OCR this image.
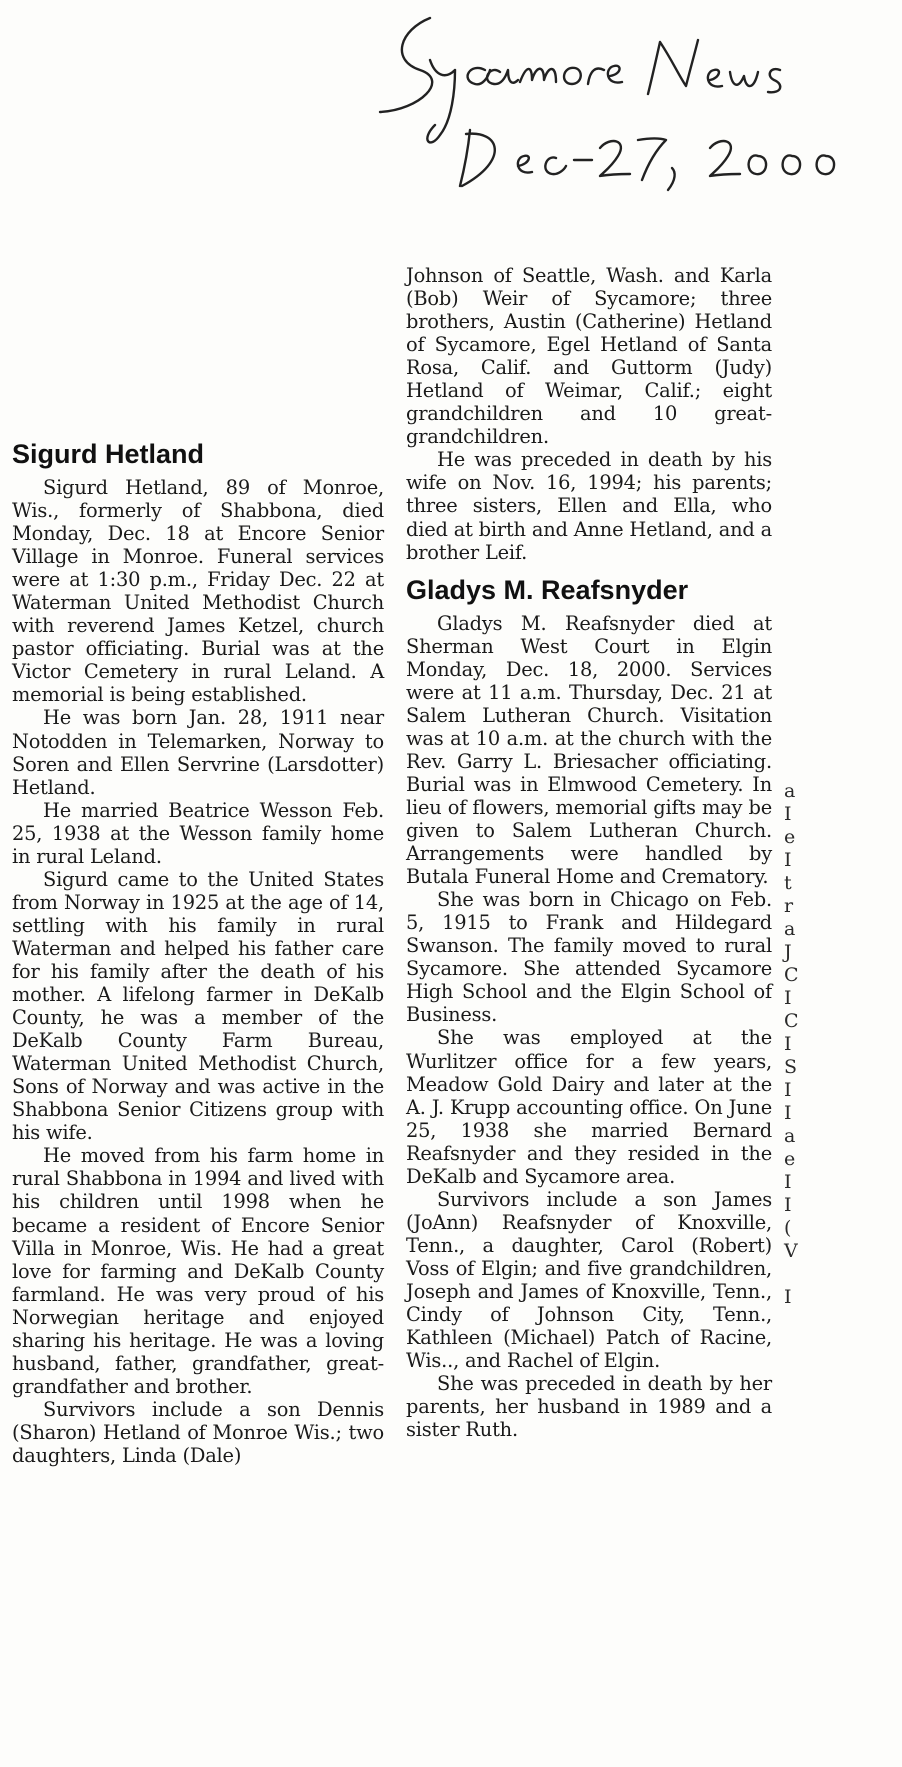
Sigurd Hetland

Sigurd Hetland, 89 of Monroe, Wis., formerly of Shabbona, died Monday, Dec. 18 at Encore Senior Village in Monroe. Funeral services were at 1:30 p.m., Friday Dec. 22 at Waterman United Methodist Church with reverend James Ketzel, church pastor officiating. Burial was at the Victor Cemetery in rural Leland. A memorial is being established.

He was born Jan. 28, 1911 near Notodden in Telemarken, Norway to Soren and Ellen Servrine (Larsdotter) Hetland.

He married Beatrice Wesson Feb. 25, 1938 at the Wesson family home in rural Leland.

Sigurd came to the United States from Norway in 1925 at the age of 14, settling with his family in rural Waterman and helped his father care for his family after the death of his mother. A lifelong farmer in DeKalb County, he was a member of the DeKalb County Farm Bureau, Waterman United Methodist Church, Sons of Norway and was active in the Shabbona Senior Citizens group with his wife.

He moved from his farm home in rural Shabbona in 1994 and lived with his children until 1998 when he became a resident of Encore Senior Villa in Monroe, Wis. He had a great love for farming and DeKalb County farmland. He was very proud of his Norwegian heritage and enjoyed sharing his heritage. He was a loving husband, father, grandfather, great-grandfather and brother.

Survivors include a son Dennis (Sharon) Hetland of Monroe Wis.; two daughters, Linda (Dale)

Johnson of Seattle, Wash. and Karla (Bob) Weir of Sycamore; three brothers, Austin (Catherine) Hetland of Sycamore, Egel Hetland of Santa Rosa, Calif. and Guttorm (Judy) Hetland of Weimar, Calif.; eight grandchildren and 10 great-grandchildren.

He was preceded in death by his wife on Nov. 16, 1994; his parents; three sisters, Ellen and Ella, who died at birth and Anne Hetland, and a brother Leif.

Gladys M. Reafsnyder

Gladys M. Reafsnyder died at Sherman West Court in Elgin Monday, Dec. 18, 2000. Services were at 11 a.m. Thursday, Dec. 21 at Salem Lutheran Church. Visitation was at 10 a.m. at the church with the Rev. Garry L. Briesacher officiating. Burial was in Elmwood Cemetery. In lieu of flowers, memorial gifts may be given to Salem Lutheran Church. Arrangements were handled by Butala Funeral Home and Crematory.

She was born in Chicago on Feb. 5, 1915 to Frank and Hildegard Swanson. The family moved to rural Sycamore. She attended Sycamore High School and the Elgin School of Business.

She was employed at the Wurlitzer office for a few years, Meadow Gold Dairy and later at the A. J. Krupp accounting office. On June 25, 1938 she married Bernard Reafsnyder and they resided in the DeKalb and Sycamore area.

Survivors include a son James (JoAnn) Reafsnyder of Knoxville, Tenn., a daughter, Carol (Robert) Voss of Elgin; and five grandchildren, Joseph and James of Knoxville, Tenn., Cindy of Johnson City, Tenn., Kathleen (Michael) Patch of Racine, Wis.., and Rachel of Elgin.

She was preceded in death by her parents, her husband in 1989 and a sister Ruth.

a
I
e
I
t
r
a
J
C
I
C
I
S
I
I
a
e
I
I
(
V

I
